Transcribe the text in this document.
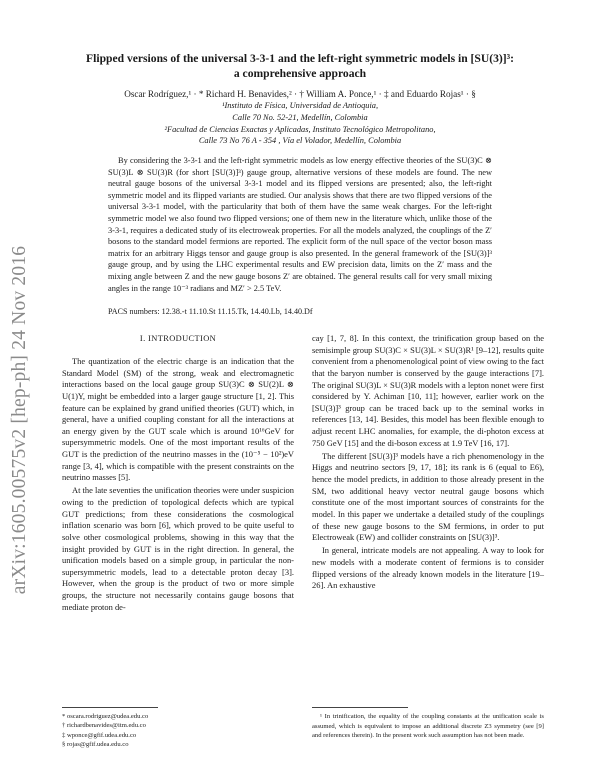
arXiv:1605.00575v2 [hep-ph] 24 Nov 2016
Flipped versions of the universal 3-3-1 and the left-right symmetric models in [SU(3)]³:
a comprehensive approach
Oscar Rodríguez,¹ · * Richard H. Benavides,² · † William A. Ponce,¹ · ‡ and Eduardo Rojas¹ · §
¹Instituto de Física, Universidad de Antioquia,
Calle 70 No. 52-21, Medellín, Colombia
²Facultad de Ciencias Exactas y Aplicadas, Instituto Tecnológico Metropolitano,
Calle 73 No 76 A - 354 , Vía el Volador, Medellín, Colombia
By considering the 3-3-1 and the left-right symmetric models as low energy effective theories of the SU(3)C ⊗ SU(3)L ⊗ SU(3)R (for short [SU(3)]³) gauge group, alternative versions of these models are found. The new neutral gauge bosons of the universal 3-3-1 model and its flipped versions are presented; also, the left-right symmetric model and its flipped variants are studied. Our analysis shows that there are two flipped versions of the universal 3-3-1 model, with the particularity that both of them have the same weak charges. For the left-right symmetric model we also found two flipped versions; one of them new in the literature which, unlike those of the 3-3-1, requires a dedicated study of its electroweak properties. For all the models analyzed, the couplings of the Z′ bosons to the standard model fermions are reported. The explicit form of the null space of the vector boson mass matrix for an arbitrary Higgs tensor and gauge group is also presented. In the general framework of the [SU(3)]³ gauge group, and by using the LHC experimental results and EW precision data, limits on the Z′ mass and the mixing angle between Z and the new gauge bosons Z′ are obtained. The general results call for very small mixing angles in the range 10⁻³ radians and MZ′ > 2.5 TeV.
PACS numbers: 12.38.-t 11.10.St 11.15.Tk, 14.40.Lb, 14.40.Df
I. INTRODUCTION

The quantization of the electric charge is an indication that the Standard Model (SM) of the strong, weak and electromagnetic interactions based on the local gauge group SU(3)C ⊗ SU(2)L ⊗ U(1)Y, might be embedded into a larger gauge structure [1, 2]. This feature can be explained by grand unified theories (GUT) which, in general, have a unified coupling constant for all the interactions at an energy given by the GUT scale which is around 10¹⁶GeV for supersymmetric models. One of the most important results of the GUT is the prediction of the neutrino masses in the (10⁻⁵ − 10²)eV range [3, 4], which is compatible with the present constraints on the neutrino masses [5].

At the late seventies the unification theories were under suspicion owing to the prediction of topological defects which are typical GUT predictions; from these considerations the cosmological inflation scenario was born [6], which proved to be quite useful to solve other cosmological problems, showing in this way that the insight provided by GUT is in the right direction. In general, the unification models based on a simple group, in particular the non-supersymmetric models, lead to a detectable proton decay [3]. However, when the group is the product of two or more simple groups, the structure not necessarily contains gauge bosons that mediate proton de-

cay [1, 7, 8]. In this context, the trinification group based on the semisimple group SU(3)C × SU(3)L × SU(3)R¹ [9–12], results quite convenient from a phenomenological point of view owing to the fact that the baryon number is conserved by the gauge interactions [7]. The original SU(3)L × SU(3)R models with a lepton nonet were first considered by Y. Achiman [10, 11]; however, earlier work on the [SU(3)]³ group can be traced back up to the seminal works in references [13, 14]. Besides, this model has been flexible enough to adjust recent LHC anomalies, for example, the di-photon excess at 750 GeV [15] and the di-boson excess at 1.9 TeV [16, 17].

The different [SU(3)]³ models have a rich phenomenology in the Higgs and neutrino sectors [9, 17, 18]; its rank is 6 (equal to E6), hence the model predicts, in addition to those already present in the SM, two additional heavy vector neutral gauge bosons which constitute one of the most important sources of constraints for the model. In this paper we undertake a detailed study of the couplings of these new gauge bosons to the SM fermions, in order to put Electroweak (EW) and collider constraints on [SU(3)]³.

In general, intricate models are not appealing. A way to look for new models with a moderate content of fermions is to consider flipped versions of the already known models in the literature [19–26]. An exhaustive

* oscara.rodriguez@udea.edu.co

† richardbenavides@itm.edu.co

‡ wponce@gfif.udea.edu.co

§ rojas@gfif.udea.edu.co

¹ In trinification, the equality of the coupling constants at the unification scale is assumed, which is equivalent to impose an additional discrete Z3 symmetry (see [9] and references therein). In the present work such assumption has not been made.
